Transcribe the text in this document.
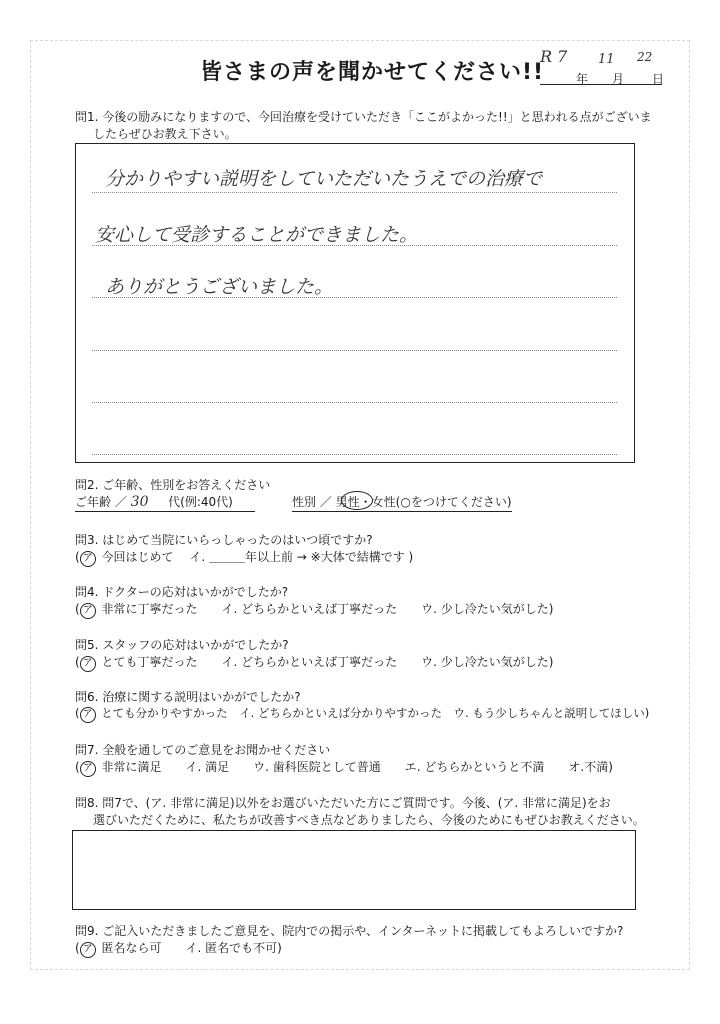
皆さまの声を聞かせてください!!
R 7 11 22
年 月 日
問1. 今後の励みになりますので、今回治療を受けていただき「ここがよかった!!」と思われる点がございま
したらぜひお教え下さい。
分かりやすい説明をしていただいたうえでの治療で
安心して受診することができました。
ありがとうございました。
問2. ご年齢、性別をお答えください
ご年齢 ／ 30 　 代(例:40代)	性別 ／ 男性・女性(○をつけてください)
問3. はじめて当院にいらっしゃったのはいつ頃ですか?
( ア 今回はじめて　 イ. ＿＿＿年以上前 → ※大体で結構です )
問4. ドクターの応対はいかがでしたか?
( ア 非常に丁寧だった　　イ. どちらかといえば丁寧だった　　ウ. 少し冷たい気がした)
問5. スタッフの応対はいかがでしたか?
( ア とても丁寧だった　　イ. どちらかといえば丁寧だった　　ウ. 少し冷たい気がした)
問6. 治療に関する説明はいかがでしたか?
( ア とても分かりやすかった　イ. どちらかといえば分かりやすかった　ウ. もう少しちゃんと説明してほしい)
問7. 全般を通してのご意見をお聞かせください
( ア 非常に満足　　イ. 満足　　ウ. 歯科医院として普通　　エ. どちらかというと不満　　オ.不満)
問8. 問7で、(ア. 非常に満足)以外をお選びいただいた方にご質問です。今後、(ア. 非常に満足)をお
選びいただくために、私たちが改善すべき点などありましたら、今後のためにもぜひお教えください。
問9. ご記入いただきましたご意見を、院内での掲示や、インターネットに掲載してもよろしいですか?
( ア 匿名なら可　　イ. 匿名でも不可)
